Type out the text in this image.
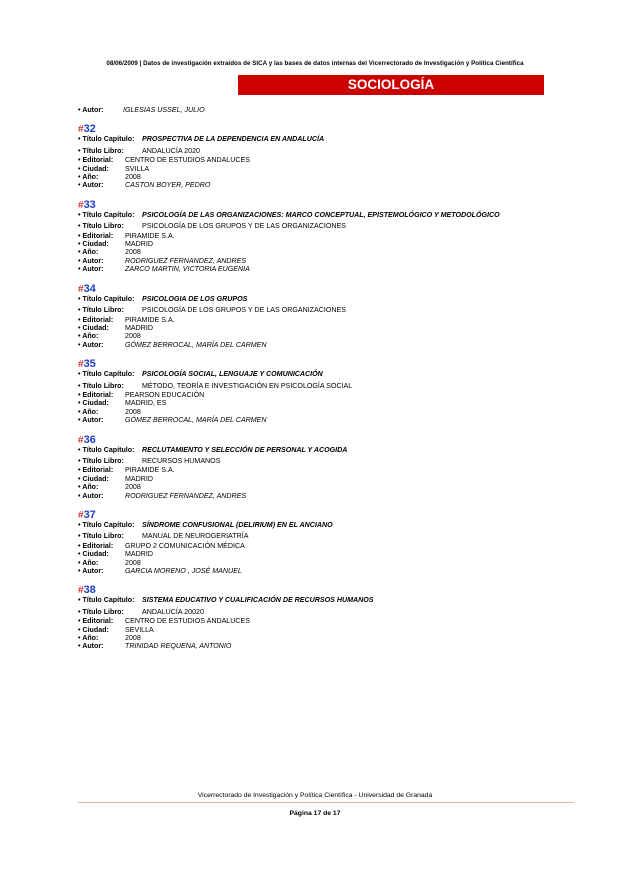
08/06/2009 | Datos de investigación extraídos de SICA y las bases de datos internas del Vicerrectorado de Investigación y Política Científica
SOCIOLOGÍA
• Autor:	IGLESIAS USSEL, JULIO
#32
• Título Capítulo:	PROSPECTIVA DE LA DEPENDENCIA EN ANDALUCÍA
• Título Libro:	ANDALUCÍA 2020
• Editorial:	CENTRO DE ESTUDIOS ANDALUCES
• Ciudad:	SVILLA
• Año:	2008
• Autor:	CASTON BOYER, PEDRO
#33
• Título Capítulo:	PSICOLOGÍA DE LAS ORGANIZACIONES: MARCO CONCEPTUAL, EPISTEMOLÓGICO Y METODOLÓGICO
• Título Libro:	PSICOLOGÍA DE LOS GRUPOS Y DE LAS ORGANIZACIONES
• Editorial:	PIRAMIDE S.A.
• Ciudad:	MADRID
• Año:	2008
• Autor:	RODRIGUEZ FERNANDEZ, ANDRES
• Autor:	ZARCO MARTIN, VICTORIA EUGENIA
#34
• Título Capítulo:	PSICOLOGIA DE LOS GRUPOS
• Título Libro:	PSICOLOGÍA DE LOS GRUPOS Y DE LAS ORGANIZACIONES
• Editorial:	PIRAMIDE S.A.
• Ciudad:	MADRID
• Año:	2008
• Autor:	GÓMEZ BERROCAL, MARÍA DEL CARMEN
#35
• Título Capítulo:	PSICOLOGÍA SOCIAL, LENGUAJE Y COMUNICACIÓN
• Título Libro:	MÉTODO, TEORÍA E INVESTIGACIÓN EN PSICOLOGÍA SOCIAL
• Editorial:	PEARSON EDUCACIÓN
• Ciudad:	MADRID, ES
• Año:	2008
• Autor:	GÓMEZ BERROCAL, MARÍA DEL CARMEN
#36
• Título Capítulo:	RECLUTAMIENTO Y SELECCIÓN DE PERSONAL Y ACOGIDA
• Título Libro:	RECURSOS HUMANOS
• Editorial:	PIRAMIDE S.A.
• Ciudad:	MADRID
• Año:	2008
• Autor:	RODRIGUEZ FERNANDEZ, ANDRES
#37
• Título Capítulo:	SÍNDROME CONFUSIONAL (DELIRIUM) EN EL ANCIANO
• Título Libro:	MANUAL DE NEUROGERIATRÍA
• Editorial:	GRUPO 2 COMUNICACIÓN MÉDICA
• Ciudad:	MADRID
• Año:	2008
• Autor:	GARCIA MORENO , JOSÉ MANUEL
#38
• Título Capítulo:	SISTEMA EDUCATIVO Y CUALIFICACIÓN DE RECURSOS HUMANOS
• Título Libro:	ANDALUCÍA 20020
• Editorial:	CENTRO DE ESTUDIOS ANDALUCES
• Ciudad:	SEVILLA
• Año:	2008
• Autor:	TRINIDAD REQUENA, ANTONIO
Vicerrectorado de Investigación y Política Científica - Universidad de Granada
Página 17 de 17
